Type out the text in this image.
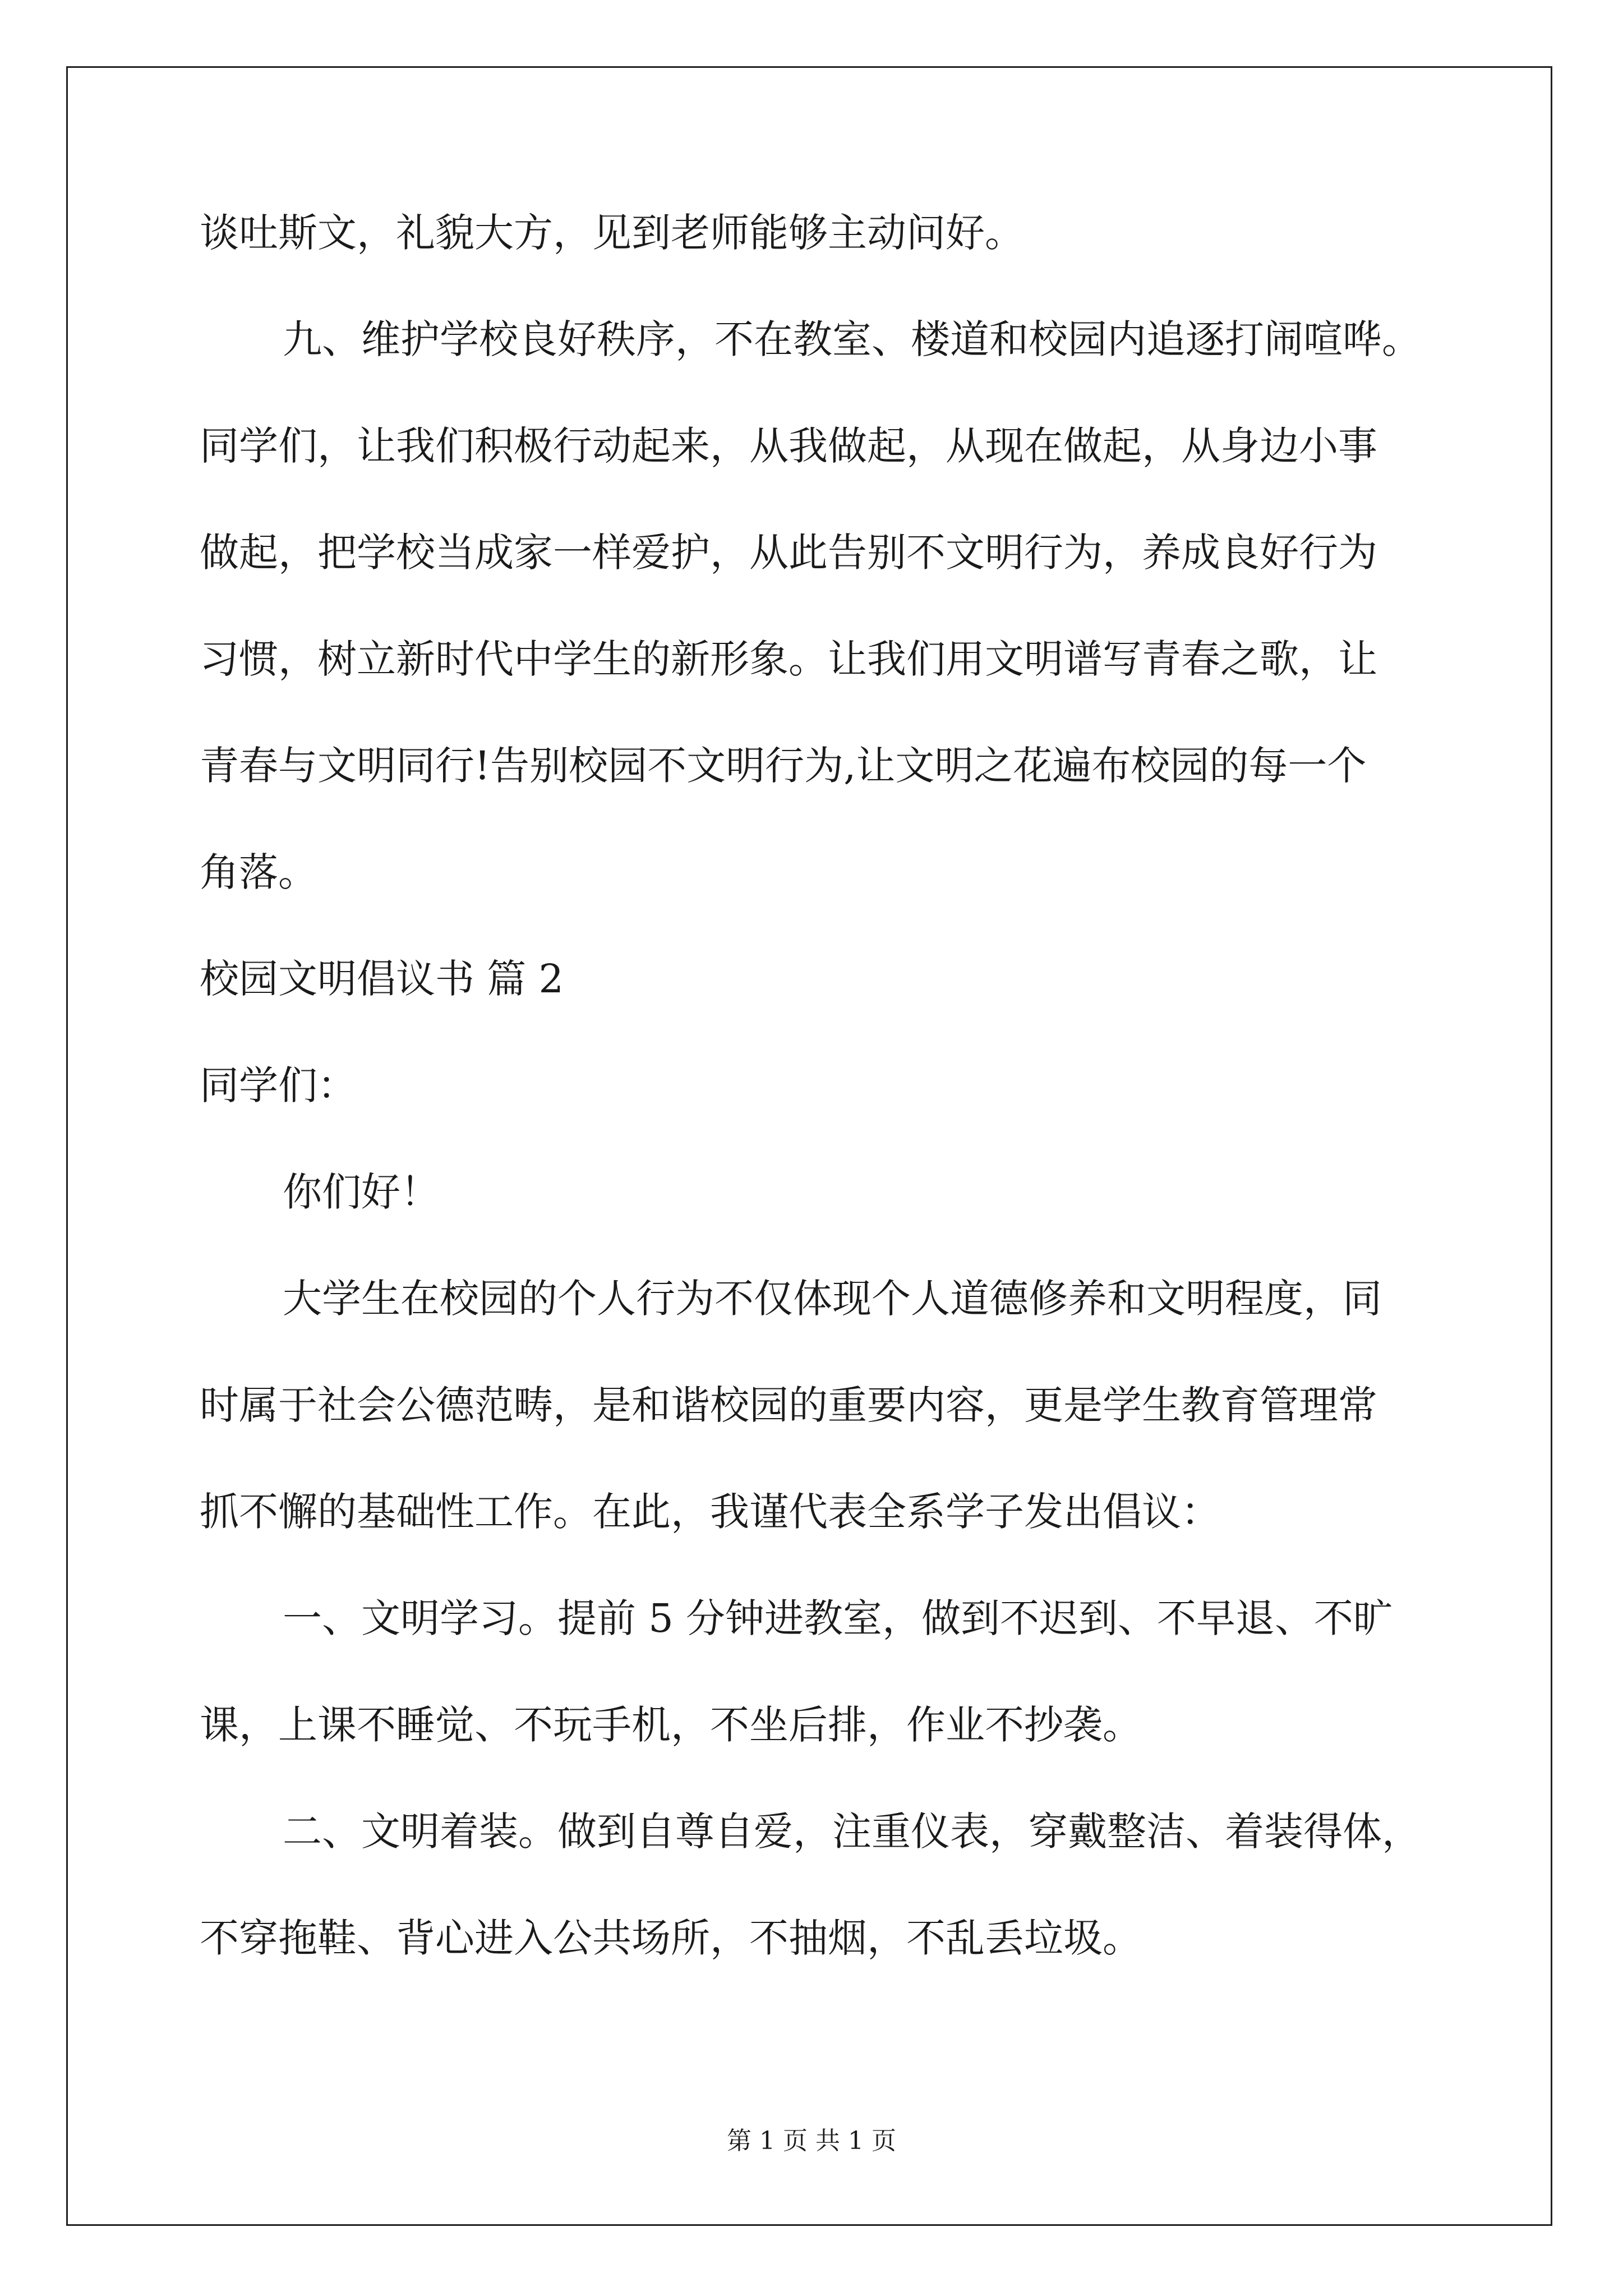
谈吐斯文，礼貌大方，见到老师能够主动问好。
九、维护学校良好秩序，不在教室、楼道和校园内追逐打闹喧哗。
同学们，让我们积极行动起来，从我做起，从现在做起，从身边小事
做起，把学校当成家一样爱护，从此告别不文明行为，养成良好行为
习惯，树立新时代中学生的新形象。让我们用文明谱写青春之歌，让
青春与文明同行!告别校园不文明行为,让文明之花遍布校园的每一个
角落。
校园文明倡议书 篇 2
同学们：
你们好！
大学生在校园的个人行为不仅体现个人道德修养和文明程度，同
时属于社会公德范畴，是和谐校园的重要内容，更是学生教育管理常
抓不懈的基础性工作。在此，我谨代表全系学子发出倡议：
一、文明学习。提前 5 分钟进教室，做到不迟到、不早退、不旷
课，上课不睡觉、不玩手机，不坐后排，作业不抄袭。
二、文明着装。做到自尊自爱，注重仪表，穿戴整洁、着装得体，
不穿拖鞋、背心进入公共场所，不抽烟，不乱丢垃圾。
第 1 页 共 1 页
